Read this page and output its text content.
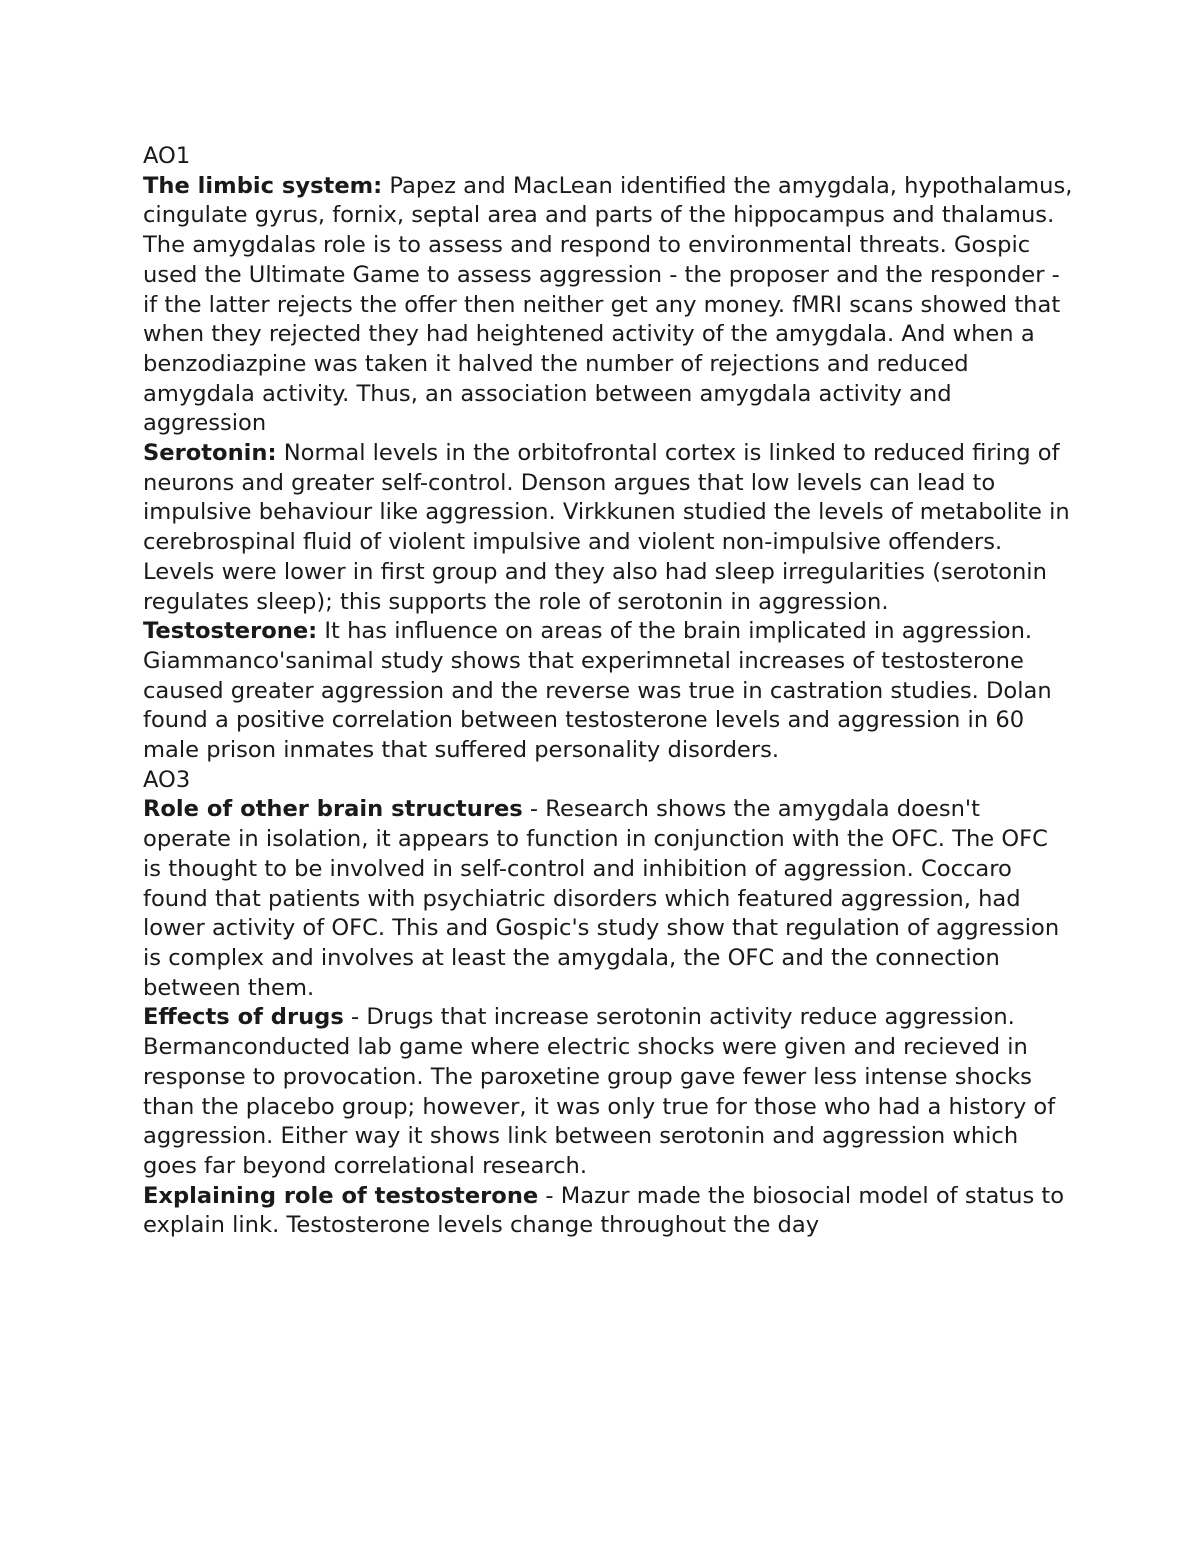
AO1

The limbic system: Papez and MacLean identified the amygdala, hypothalamus, cingulate gyrus, fornix, septal area and parts of the hippocampus and thalamus. The amygdalas role is to assess and respond to environmental threats. Gospic used the Ultimate Game to assess aggression - the proposer and the responder - if the latter rejects the offer then neither get any money. fMRI scans showed that when they rejected they had heightened activity of the amygdala. And when a benzodiazpine was taken it halved the number of rejections and reduced amygdala activity. Thus, an association between amygdala activity and aggression

Serotonin: Normal levels in the orbitofrontal cortex is linked to reduced firing of neurons and greater self-control. Denson argues that low levels can lead to impulsive behaviour like aggression. Virkkunen studied the levels of metabolite in cerebrospinal fluid of violent impulsive and violent non-impulsive offenders. Levels were lower in first group and they also had sleep irregularities (serotonin regulates sleep); this supports the role of serotonin in aggression.

Testosterone: It has influence on areas of the brain implicated in aggression. Giammanco'sanimal study shows that experimnetal increases of testosterone caused greater aggression and the reverse was true in castration studies. Dolan found a positive correlation between testosterone levels and aggression in 60 male prison inmates that suffered personality disorders.

AO3

Role of other brain structures - Research shows the amygdala doesn't operate in isolation, it appears to function in conjunction with the OFC. The OFC is thought to be involved in self-control and inhibition of aggression. Coccaro found that patients with psychiatric disorders which featured aggression, had lower activity of OFC. This and Gospic's study show that regulation of aggression is complex and involves at least the amygdala, the OFC and the connection between them.

Effects of drugs - Drugs that increase serotonin activity reduce aggression. Bermanconducted lab game where electric shocks were given and recieved in response to provocation. The paroxetine group gave fewer less intense shocks than the placebo group; however, it was only true for those who had a history of aggression. Either way it shows link between serotonin and aggression which goes far beyond correlational research.

Explaining role of testosterone - Mazur made the biosocial model of status to explain link. Testosterone levels change throughout the day
